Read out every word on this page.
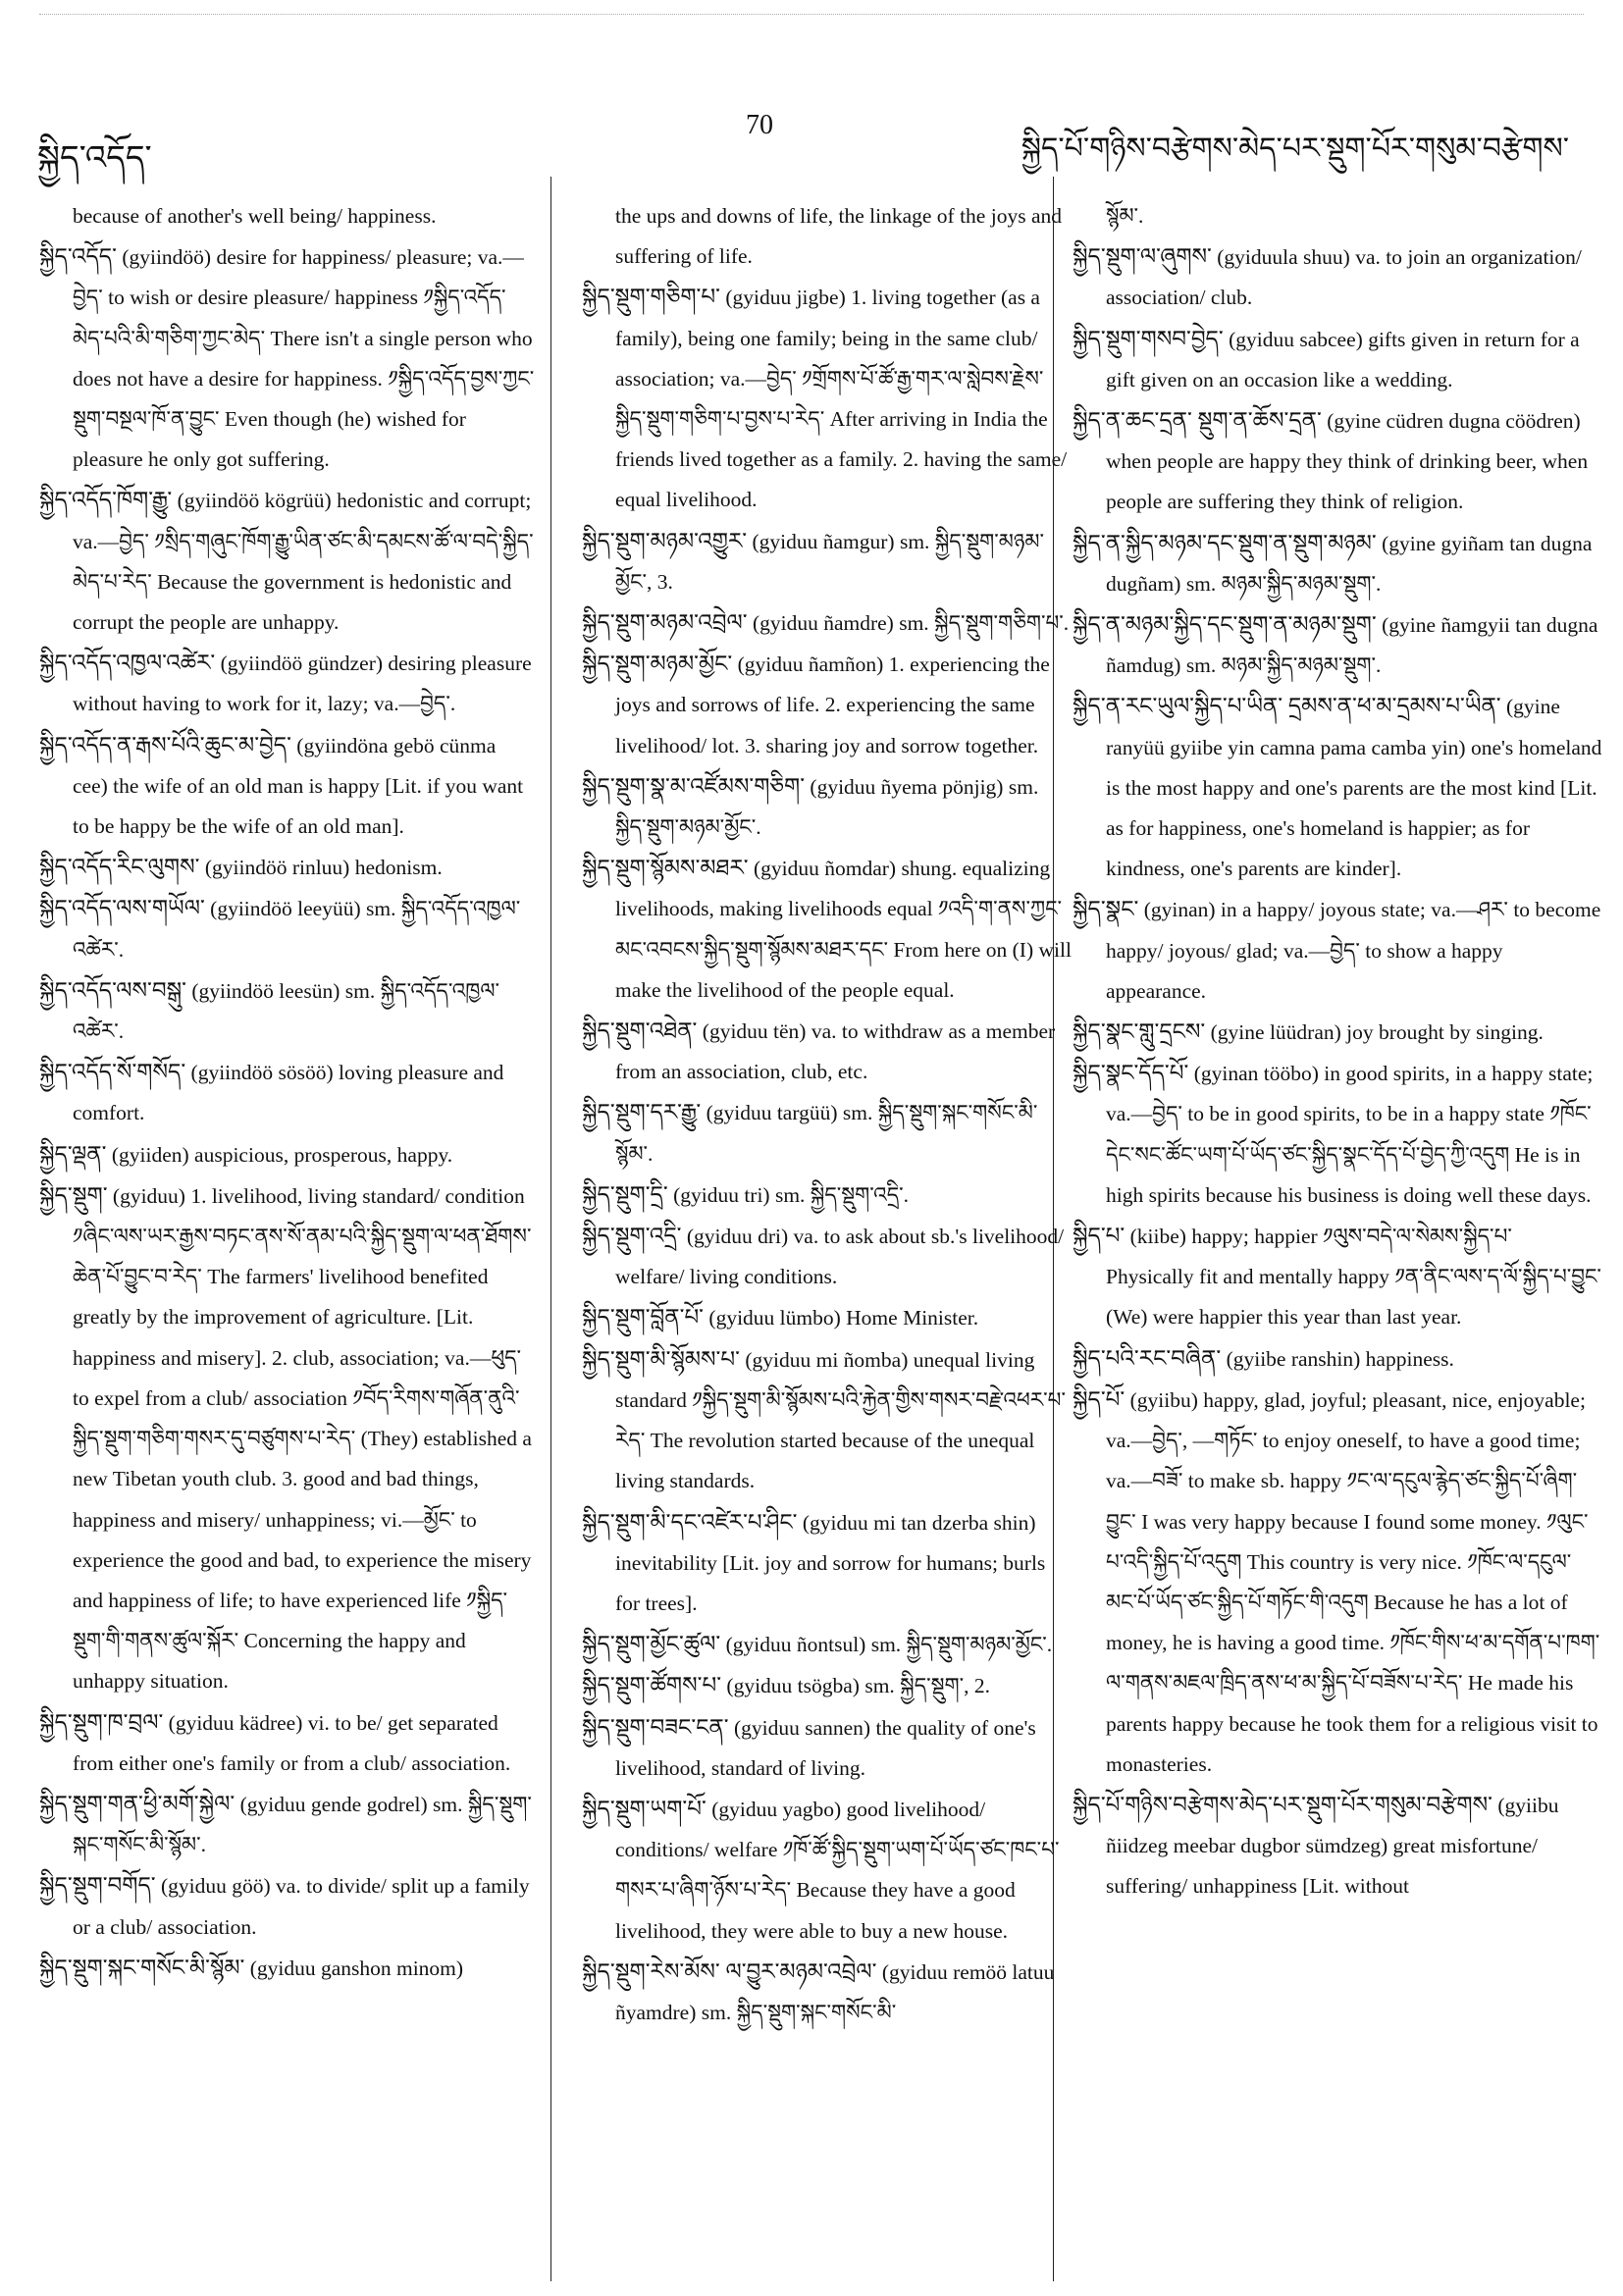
སྐྱིད་འདོད་
70
སྐྱིད་པོ་གཉིས་བརྩེགས་མེད་པར་སྡུག་པོར་གསུམ་བརྩེགས་

because of another's well being/ happiness.

སྐྱིད་འདོད་ (gyiindöö) desire for happiness/ pleasure; va.—བྱེད་ to wish or desire pleasure/ happiness ༡སྐྱིད་འདོད་མེད་པའི་མི་གཅིག་ཀྱང་མེད་ There isn't a single person who does not have a desire for happiness. ༡སྐྱིད་འདོད་བྱས་ཀྱང་སྡུག་བསྔལ་ཁོ་ན་བྱུང་ Even though (he) wished for pleasure he only got suffering.

སྐྱིད་འདོད་ཁོག་རྒྱུ་ (gyiindöö kögrüü) hedonistic and corrupt; va.—བྱེད་ ༡སྲིད་གཞུང་ཁོག་རྒྱུ་ཡིན་ཙང་མི་དམངས་ཚོ་ལ་བདེ་སྐྱིད་མེད་པ་རེད་ Because the government is hedonistic and corrupt the people are unhappy.

སྐྱིད་འདོད་འཁྱལ་འཚེར་ (gyiindöö gündzer) desiring pleasure without having to work for it, lazy; va.—བྱེད་.

སྐྱིད་འདོད་ན་རྒས་པོའི་ཆུང་མ་བྱེད་ (gyiindöna gebö cünma cee) the wife of an old man is happy [Lit. if you want to be happy be the wife of an old man].

སྐྱིད་འདོད་རིང་ལུགས་ (gyiindöö rinluu) hedonism.

སྐྱིད་འདོད་ལས་གཡོལ་ (gyiindöö leeyüü) sm. སྐྱིད་འདོད་འཁྱལ་འཚེར་.

སྐྱིད་འདོད་ལས་བསྒུ་ (gyiindöö leesün) sm. སྐྱིད་འདོད་འཁྱལ་འཚེར་.

སྐྱིད་འདོད་སོ་གསོད་ (gyiindöö sösöö) loving pleasure and comfort.

སྐྱིད་ལྡན་ (gyiiden) auspicious, prosperous, happy.

སྐྱིད་སྡུག་ (gyiduu) 1. livelihood, living standard/ condition ༡ཞིང་ལས་ཡར་རྒྱས་བཏང་ནས་སོ་ནམ་པའི་སྐྱིད་སྡུག་ལ་ཕན་ཐོགས་ཆེན་པོ་བྱུང་བ་རེད་ The farmers' livelihood benefited greatly by the improvement of agriculture. [Lit. happiness and misery]. 2. club, association; va.—ཕུད་ to expel from a club/ association ༡བོད་རིགས་གཞོན་ནུའི་སྐྱིད་སྡུག་གཅིག་གསར་དུ་བཙུགས་པ་རེད་ (They) established a new Tibetan youth club. 3. good and bad things, happiness and misery/ unhappiness; vi.—མྱོང་ to experience the good and bad, to experience the misery and happiness of life; to have experienced life ༡སྐྱིད་སྡུག་གི་གནས་ཚུལ་སྐོར་ Concerning the happy and unhappy situation.

སྐྱིད་སྡུག་ཁ་བྲལ་ (gyiduu kädree) vi. to be/ get separated from either one's family or from a club/ association.

སྐྱིད་སྡུག་གན་ཕྱི་མགོ་སྐྱེལ་ (gyiduu gende godrel) sm. སྐྱིད་སྡུག་སྐང་གསོང་མི་སྙོམ་.

སྐྱིད་སྡུག་བགོད་ (gyiduu göö) va. to divide/ split up a family or a club/ association.

སྐྱིད་སྡུག་སྐང་གསོང་མི་སྙོམ་ (gyiduu ganshon minom)

the ups and downs of life, the linkage of the joys and suffering of life.

སྐྱིད་སྡུག་གཅིག་པ་ (gyiduu jigbe) 1. living together (as a family), being one family; being in the same club/ association; va.—བྱེད་ ༡གྲོགས་པོ་ཚོ་རྒྱ་གར་ལ་སླེབས་རྗེས་སྐྱིད་སྡུག་གཅིག་པ་བྱས་པ་རེད་ After arriving in India the friends lived together as a family. 2. having the same/ equal livelihood.

སྐྱིད་སྡུག་མཉམ་འགྱུར་ (gyiduu ñamgur) sm. སྐྱིད་སྡུག་མཉམ་མྱོང་, 3.

སྐྱིད་སྡུག་མཉམ་འབྲེལ་ (gyiduu ñamdre) sm. སྐྱིད་སྡུག་གཅིག་པ་.

སྐྱིད་སྡུག་མཉམ་མྱོང་ (gyiduu ñamñon) 1. experiencing the joys and sorrows of life. 2. experiencing the same livelihood/ lot. 3. sharing joy and sorrow together.

སྐྱིད་སྡུག་སྣ་མ་འཛོམས་གཅིག་ (gyiduu ñyema pönjig) sm. སྐྱིད་སྡུག་མཉམ་མྱོང་.

སྐྱིད་སྡུག་སྙོམས་མཐར་ (gyiduu ñomdar) shung. equalizing livelihoods, making livelihoods equal ༡འདི་ག་ནས་ཀྱང་མང་འབངས་སྐྱིད་སྡུག་སྙོམས་མཐར་དང་ From here on (I) will make the livelihood of the people equal.

སྐྱིད་སྡུག་འཐེན་ (gyiduu tën) va. to withdraw as a member from an association, club, etc.

སྐྱིད་སྡུག་དར་རྒྱུ་ (gyiduu targüü) sm. སྐྱིད་སྡུག་སྐང་གསོང་མི་སྙོམ་.

སྐྱིད་སྡུག་དྲི་ (gyiduu tri) sm. སྐྱིད་སྡུག་འདྲི་.

སྐྱིད་སྡུག་འདྲི་ (gyiduu dri) va. to ask about sb.'s livelihood/ welfare/ living conditions.

སྐྱིད་སྡུག་བློན་པོ་ (gyiduu lümbo) Home Minister.

སྐྱིད་སྡུག་མི་སྙོམས་པ་ (gyiduu mi ñomba) unequal living standard ༡སྐྱིད་སྡུག་མི་སྙོམས་པའི་རྐྱེན་གྱིས་གསར་བརྗེ་འཕར་པ་རེད་ The revolution started because of the unequal living standards.

སྐྱིད་སྡུག་མི་དང་འཛེར་པ་ཤིང་ (gyiduu mi tan dzerba shin) inevitability [Lit. joy and sorrow for humans; burls for trees].

སྐྱིད་སྡུག་མྱོང་ཚུལ་ (gyiduu ñontsul) sm. སྐྱིད་སྡུག་མཉམ་མྱོང་.

སྐྱིད་སྡུག་ཚོགས་པ་ (gyiduu tsögba) sm. སྐྱིད་སྡུག་, 2.

སྐྱིད་སྡུག་བཟང་ངན་ (gyiduu sannen) the quality of one's livelihood, standard of living.

སྐྱིད་སྡུག་ཡག་པོ་ (gyiduu yagbo) good livelihood/ conditions/ welfare ༡ཁོ་ཚོ་སྐྱིད་སྡུག་ཡག་པོ་ཡོད་ཙང་ཁང་པ་གསར་པ་ཞིག་ཉོས་པ་རེད་ Because they have a good livelihood, they were able to buy a new house.

སྐྱིད་སྡུག་རེས་མོས་ ལ་བྱུར་མཉམ་འབྲེལ་ (gyiduu remöö latuu ñyamdre) sm. སྐྱིད་སྡུག་སྐང་གསོང་མི་

སྙོམ་.

སྐྱིད་སྡུག་ལ་ཞུགས་ (gyiduula shuu) va. to join an organization/ association/ club.

སྐྱིད་སྡུག་གསབ་བྱེད་ (gyiduu sabcee) gifts given in return for a gift given on an occasion like a wedding.

སྐྱིད་ན་ཆང་དྲན་ སྡུག་ན་ཆོས་དྲན་ (gyine cüdren dugna cöödren) when people are happy they think of drinking beer, when people are suffering they think of religion.

སྐྱིད་ན་སྐྱིད་མཉམ་དང་སྡུག་ན་སྡུག་མཉམ་ (gyine gyiñam tan dugna dugñam) sm. མཉམ་སྐྱིད་མཉམ་སྡུག་.

སྐྱིད་ན་མཉམ་སྐྱིད་དང་སྡུག་ན་མཉམ་སྡུག་ (gyine ñamgyii tan dugna ñamdug) sm. མཉམ་སྐྱིད་མཉམ་སྡུག་.

སྐྱིད་ན་རང་ཡུལ་སྐྱིད་པ་ཡིན་ དྲམས་ན་ཕ་མ་དྲམས་པ་ཡིན་ (gyine ranyüü gyiibe yin camna pama camba yin) one's homeland is the most happy and one's parents are the most kind [Lit. as for happiness, one's homeland is happier; as for kindness, one's parents are kinder].

སྐྱིད་སྣང་ (gyinan) in a happy/ joyous state; va.—ཤར་ to become happy/ joyous/ glad; va.—བྱེད་ to show a happy appearance.

སྐྱིད་སྣང་གླུ་དྲངས་ (gyine lüüdran) joy brought by singing.

སྐྱིད་སྣང་དོད་པོ་ (gyinan tööbo) in good spirits, in a happy state; va.—བྱེད་ to be in good spirits, to be in a happy state ༡ཁོང་དེང་སང་ཚོང་ཡག་པོ་ཡོད་ཙང་སྐྱིད་སྣང་དོད་པོ་བྱེད་ཀྱི་འདུག He is in high spirits because his business is doing well these days.

སྐྱིད་པ་ (kiibe) happy; happier ༡ལུས་བདེ་ལ་སེམས་སྐྱིད་པ་ Physically fit and mentally happy ༡ན་ནིང་ལས་ད་ལོ་སྐྱིད་པ་བྱུང་ (We) were happier this year than last year.

སྐྱིད་པའི་རང་བཞིན་ (gyiibe ranshin) happiness.

སྐྱིད་པོ་ (gyiibu) happy, glad, joyful; pleasant, nice, enjoyable; va.—བྱེད་, —གཏོང་ to enjoy oneself, to have a good time; va.—བཟོ་ to make sb. happy ༡ང་ལ་དངུལ་རྙེད་ཙང་སྐྱིད་པོ་ཞིག་བྱུང་ I was very happy because I found some money. ༡ལུང་པ་འདི་སྐྱིད་པོ་འདུག This country is very nice. ༡ཁོང་ལ་དངུལ་མང་པོ་ཡོད་ཙང་སྐྱིད་པོ་གཏོང་གི་འདུག Because he has a lot of money, he is having a good time. ༡ཁོང་གིས་ཕ་མ་དགོན་པ་ཁག་ལ་གནས་མཇལ་ཁྲིད་ནས་ཕ་མ་སྐྱིད་པོ་བཟོས་པ་རེད་ He made his parents happy because he took them for a religious visit to monasteries.

སྐྱིད་པོ་གཉིས་བརྩེགས་མེད་པར་སྡུག་པོར་གསུམ་བརྩེགས་ (gyiibu ñiidzeg meebar dugbor sümdzeg) great misfortune/ suffering/ unhappiness [Lit. without
